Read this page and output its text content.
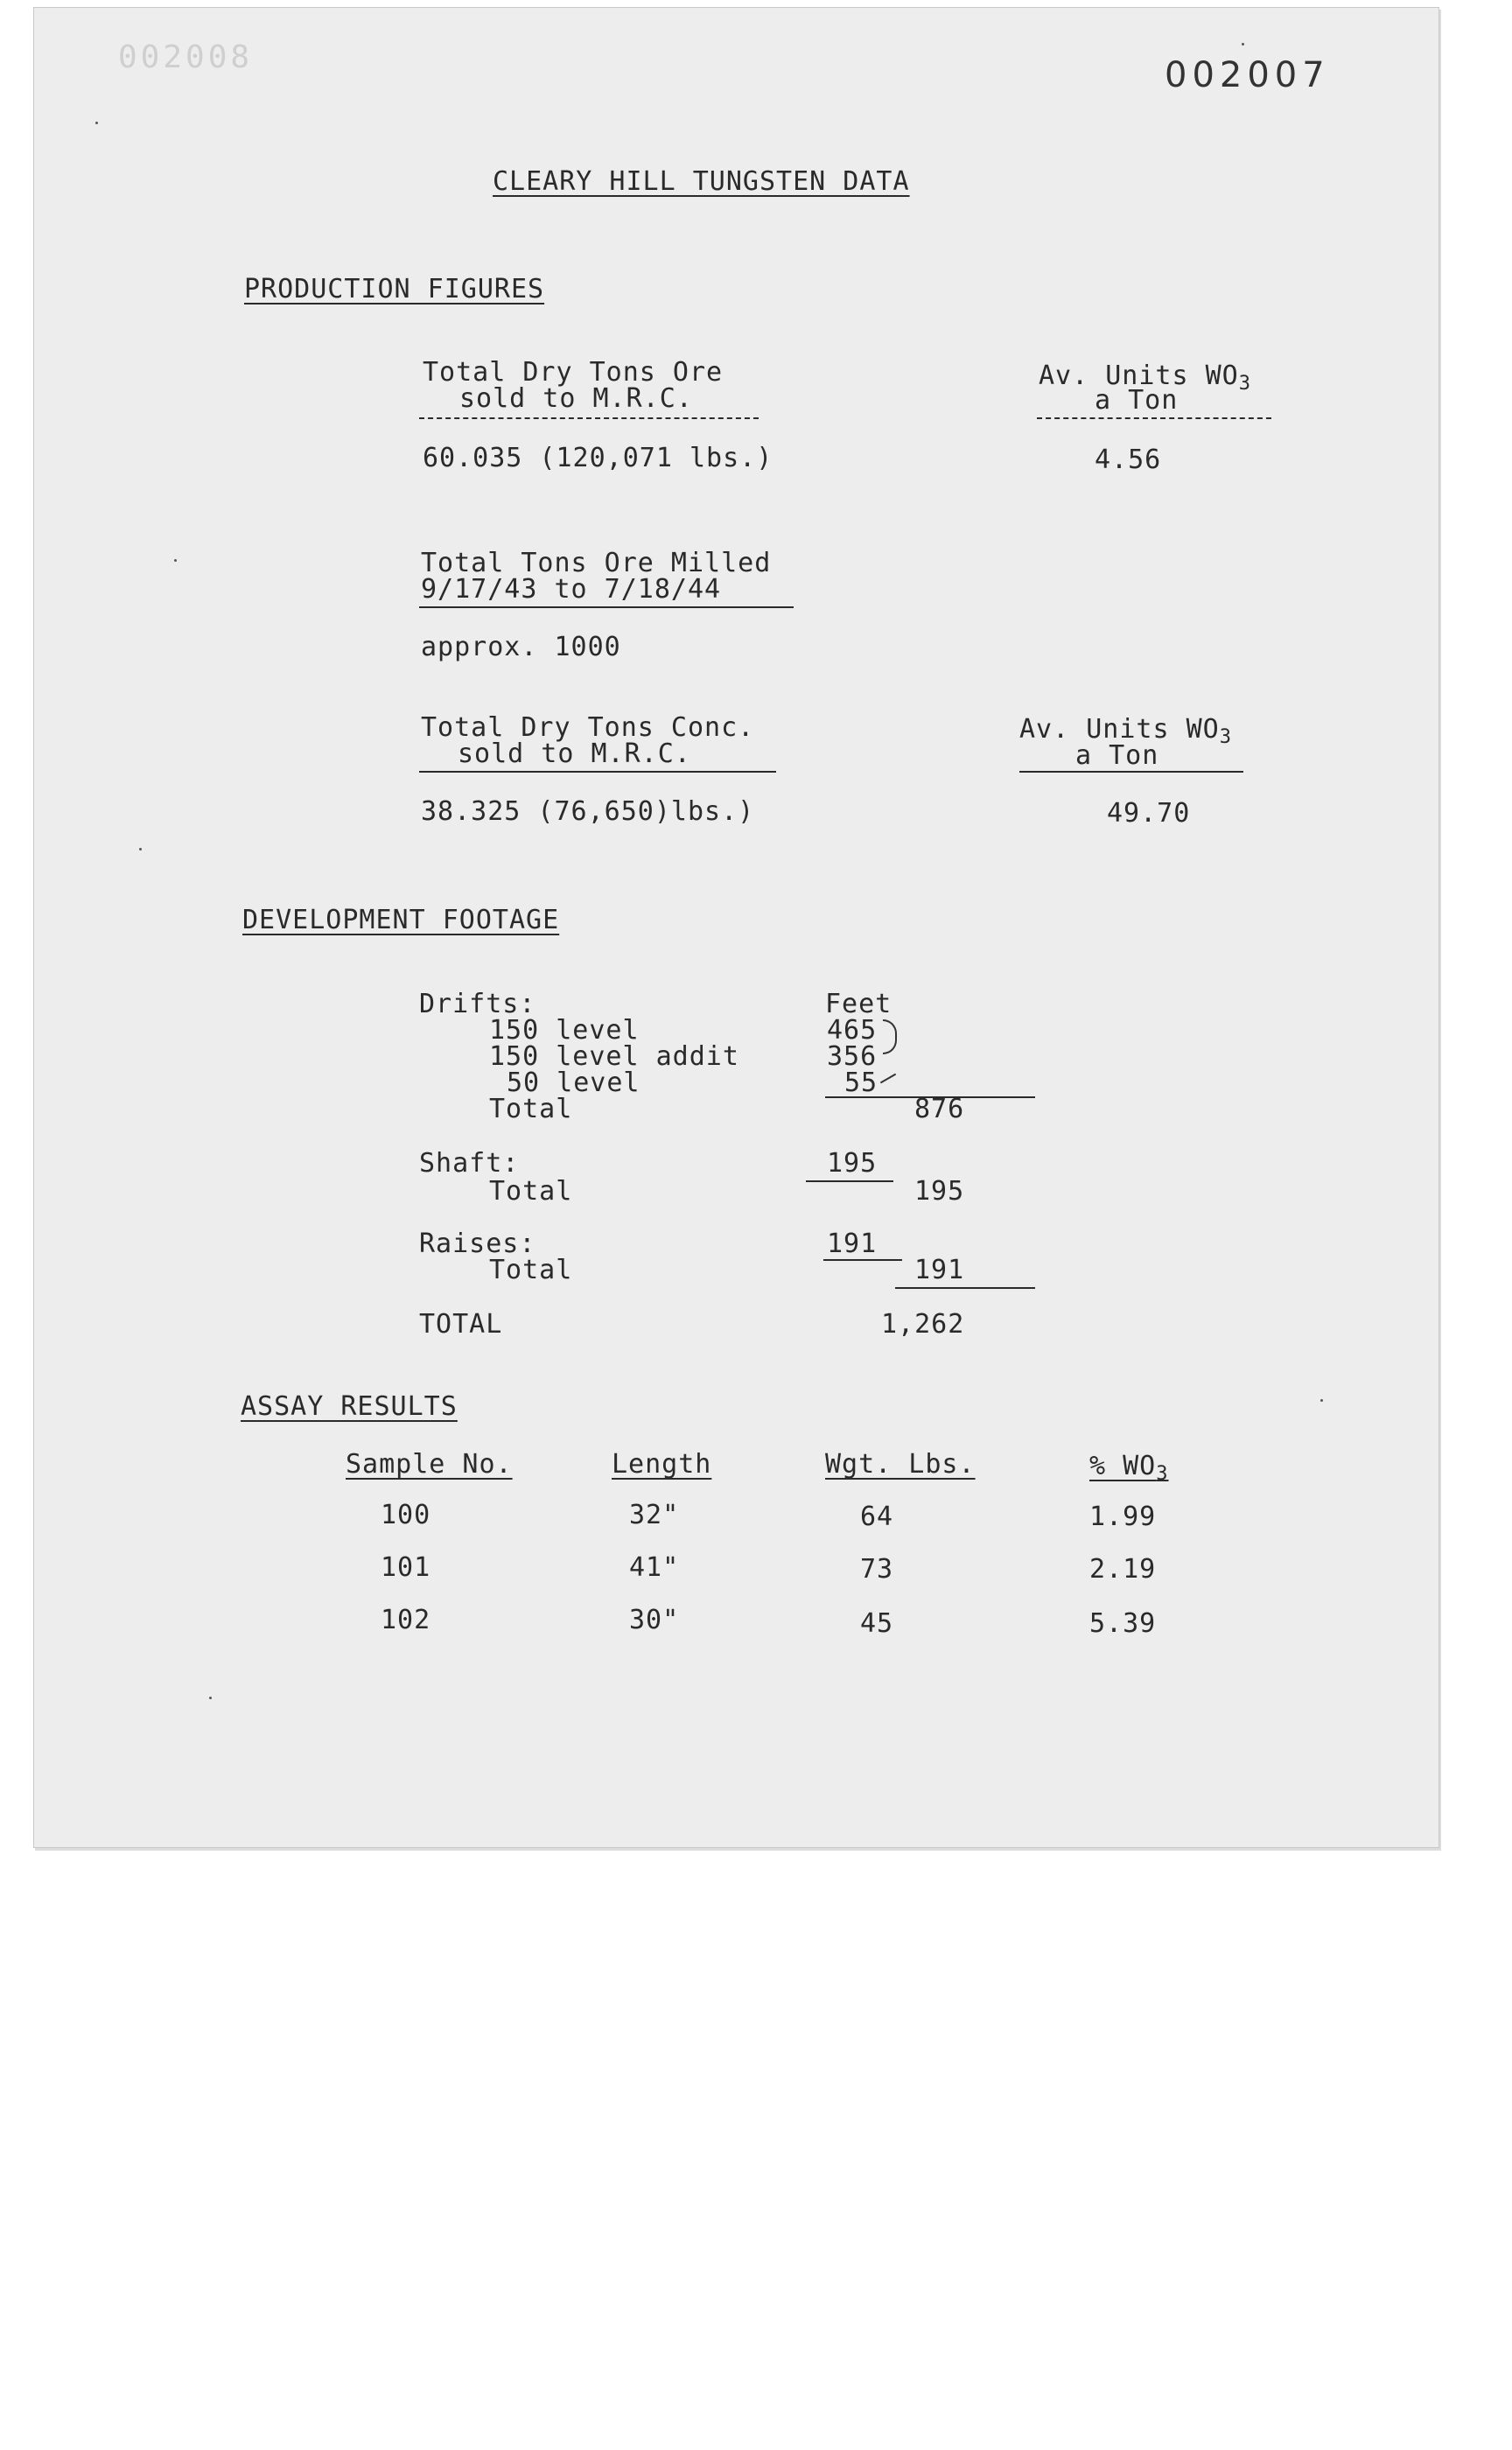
002008	002007
CLEARY HILL TUNGSTEN DATA
PRODUCTION FIGURES
Total Dry Tons Ore
sold to M.R.C.
Av. Units $WO_3$
a Ton
60.035 (120,071 lbs.)	4.56
Total Tons Ore Milled
9/17/43 to 7/18/44
approx. 1000
Total Dry Tons Conc.
sold to M.R.C.
Av. Units $WO_3$
a Ton
38.325 (76,650)lbs.)	49.70
DEVELOPMENT FOOTAGE
Drifts:	Feet
150 level	465
150 level addit	356
50 level	55
Total	876
Shaft:	195
Total	195
Raises:	191
Total	191
TOTAL	1,262
ASSAY RESULTS
Sample No.	Length	Wgt. Lbs.	% $WO_3$
100	32"	64	1.99
101	41"	73	2.19
102	30"	45	5.39
